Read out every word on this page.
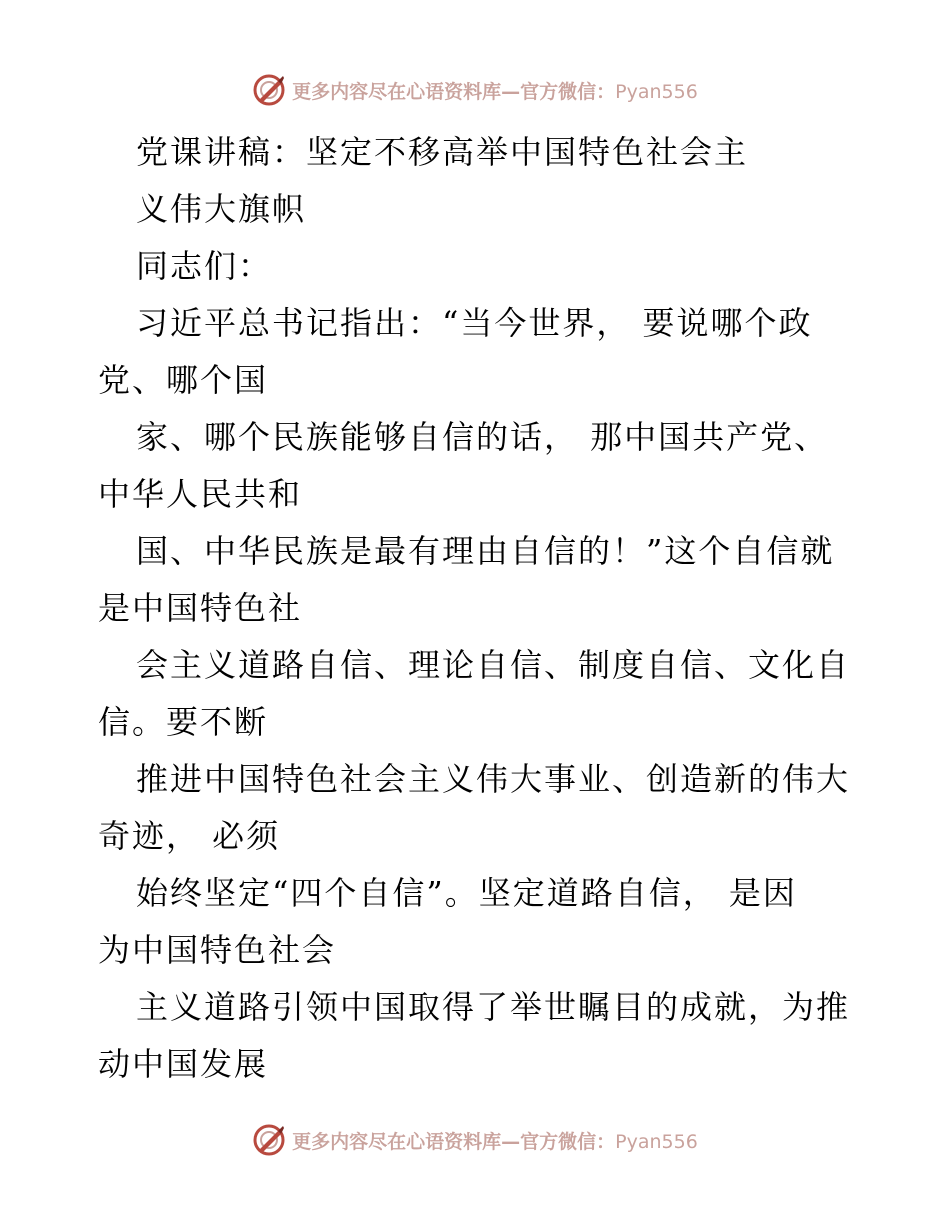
更多内容尽在心语资料库—官方微信：Pyan556
党课讲稿：坚定不移高举中国特色社会主
义伟大旗帜
同志们：
习近平总书记指出：“当今世界， 要说哪个政
党、哪个国
家、哪个民族能够自信的话， 那中国共产党、
中华人民共和
国、中华民族是最有理由自信的！”这个自信就
是中国特色社
会主义道路自信、理论自信、制度自信、文化自
信。要不断
推进中国特色社会主义伟大事业、创造新的伟大
奇迹， 必须
始终坚定“四个自信”。坚定道路自信， 是因
为中国特色社会
主义道路引领中国取得了举世瞩目的成就，为推
动中国发展
更多内容尽在心语资料库—官方微信：Pyan556
